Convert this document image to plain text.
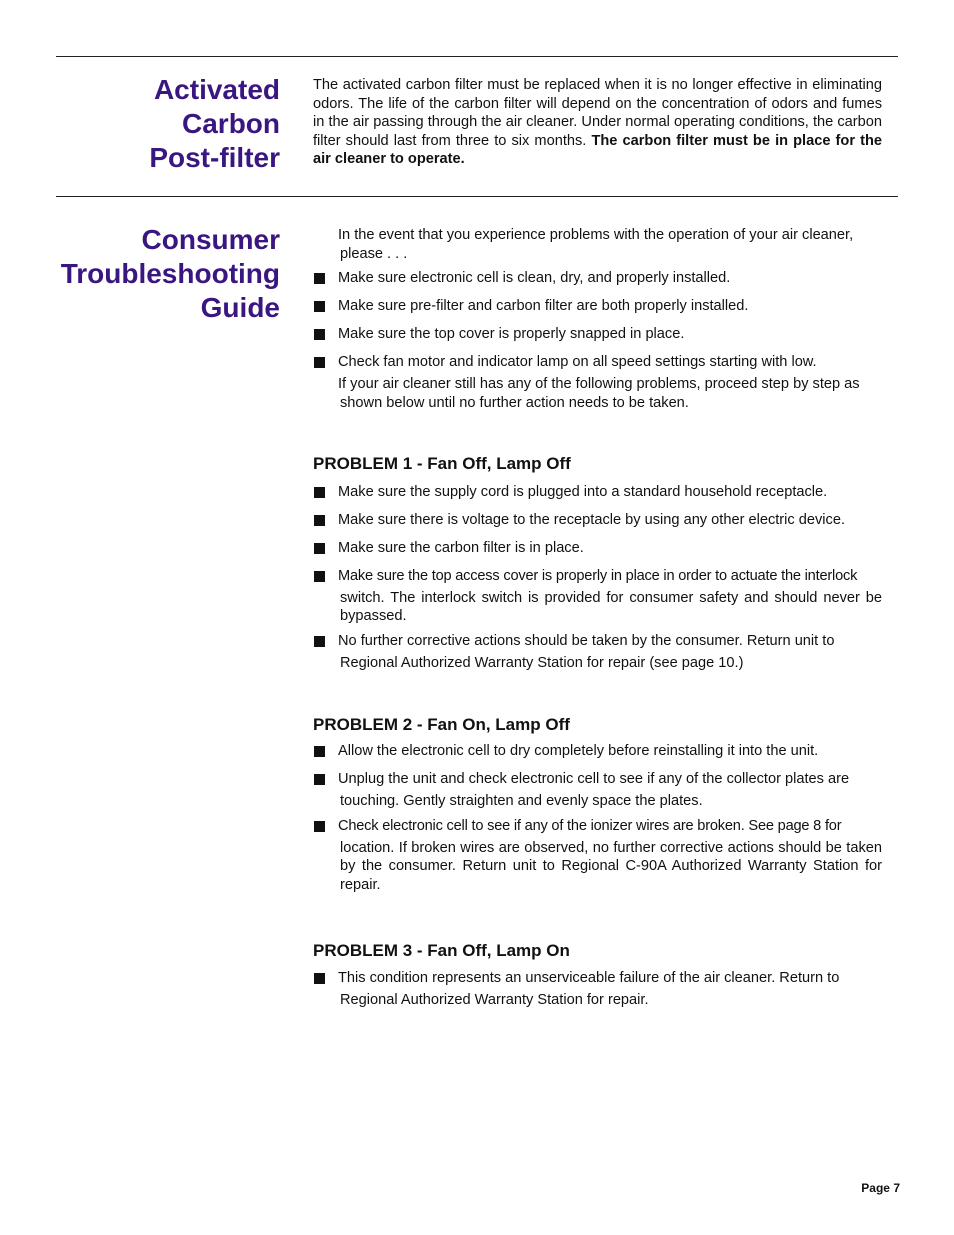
Activated
Carbon
Post-filter
The activated carbon filter must be replaced when it is no longer effective in eliminating odors. The life of the carbon filter will depend on the concentration of odors and fumes in the air passing through the air cleaner. Under normal operating conditions, the carbon filter should last from three to six months. The carbon filter must be in place for the air cleaner to operate.
Consumer
Troubleshooting
Guide
In the event that you experience problems with the operation of your air cleaner,
please . . .
Make sure electronic cell is clean, dry, and properly installed.
Make sure pre-filter and carbon filter are both properly installed.
Make sure the top cover is properly snapped in place.
Check fan motor and indicator lamp on all speed settings starting with low.
If your air cleaner still has any of the following problems, proceed step by step as
shown below until no further action needs to be taken.
PROBLEM 1 - Fan Off, Lamp Off
Make sure the supply cord is plugged into a standard household receptacle.
Make sure there is voltage to the receptacle by using any other electric device.
Make sure the carbon filter is in place.
Make sure the top access cover is properly in place in order to actuate the interlock
switch. The interlock switch is provided for consumer safety and should never be bypassed.
No further corrective actions should be taken by the consumer. Return unit to
Regional Authorized Warranty Station for repair (see page 10.)
PROBLEM 2 - Fan On, Lamp Off
Allow the electronic cell to dry completely before reinstalling it into the unit.
Unplug the unit and check electronic cell to see if any of the collector plates are
touching. Gently straighten and evenly space the plates.
Check electronic cell to see if any of the ionizer wires are broken. See page 8 for
location. If broken wires are observed, no further corrective actions should be taken by the consumer. Return unit to Regional C-90A Authorized Warranty Station for repair.
PROBLEM 3 - Fan Off, Lamp On
This condition represents an unserviceable failure of the air cleaner. Return to
Regional Authorized Warranty Station for repair.
Page 7
